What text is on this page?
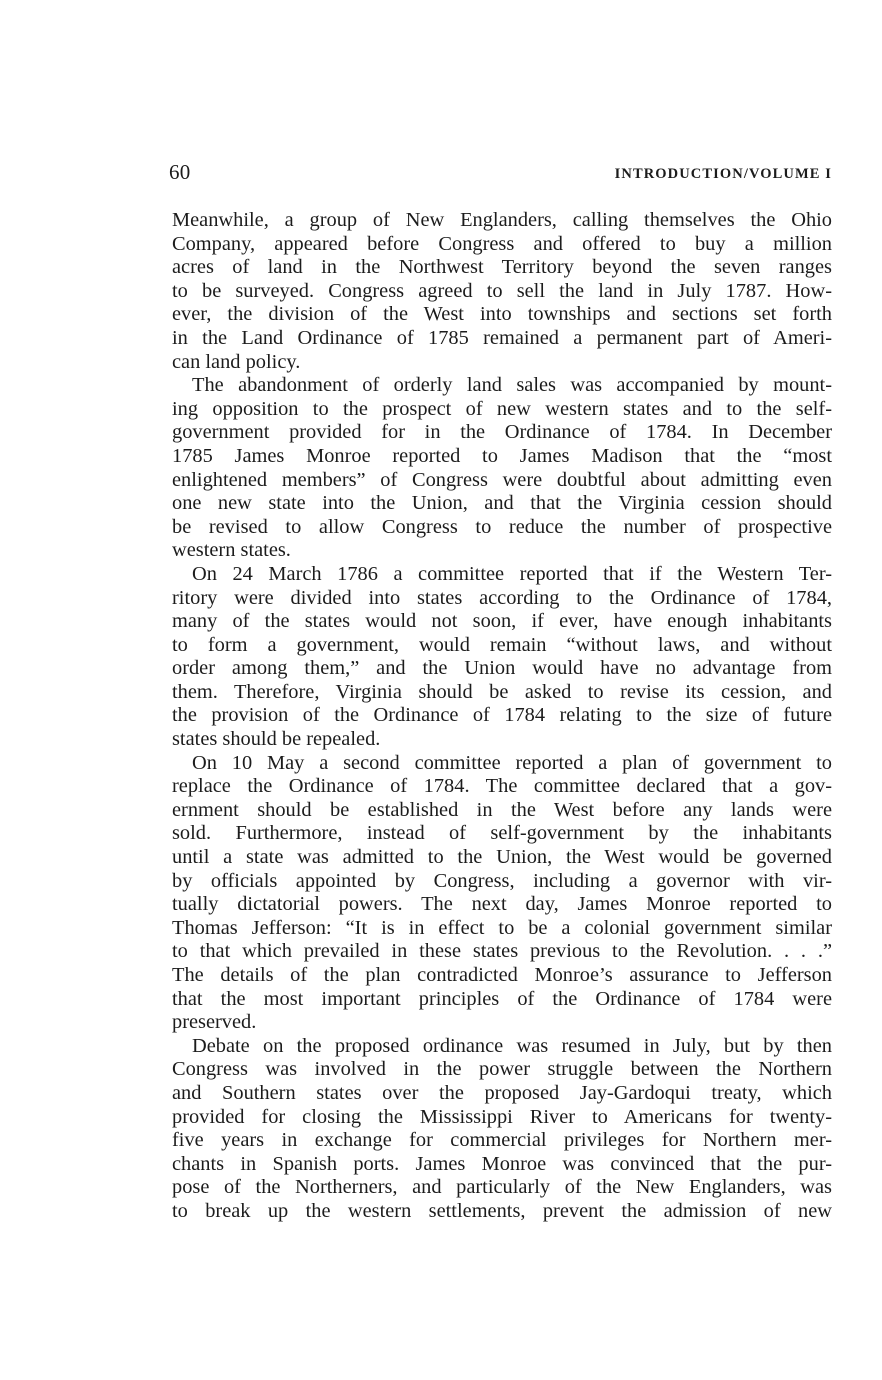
60	INTRODUCTION/VOLUME I
Meanwhile, a group of New Englanders, calling themselves the Ohio
Company, appeared before Congress and offered to buy a million
acres of land in the Northwest Territory beyond the seven ranges
to be surveyed. Congress agreed to sell the land in July 1787. How-
ever, the division of the West into townships and sections set forth
in the Land Ordinance of 1785 remained a permanent part of Ameri-
can land policy.
The abandonment of orderly land sales was accompanied by mount-
ing opposition to the prospect of new western states and to the self-
government provided for in the Ordinance of 1784. In December
1785 James Monroe reported to James Madison that the “most
enlightened members” of Congress were doubtful about admitting even
one new state into the Union, and that the Virginia cession should
be revised to allow Congress to reduce the number of prospective
western states.
On 24 March 1786 a committee reported that if the Western Ter-
ritory were divided into states according to the Ordinance of 1784,
many of the states would not soon, if ever, have enough inhabitants
to form a government, would remain “without laws, and without
order among them,” and the Union would have no advantage from
them. Therefore, Virginia should be asked to revise its cession, and
the provision of the Ordinance of 1784 relating to the size of future
states should be repealed.
On 10 May a second committee reported a plan of government to
replace the Ordinance of 1784. The committee declared that a gov-
ernment should be established in the West before any lands were
sold. Furthermore, instead of self-government by the inhabitants
until a state was admitted to the Union, the West would be governed
by officials appointed by Congress, including a governor with vir-
tually dictatorial powers. The next day, James Monroe reported to
Thomas Jefferson: “It is in effect to be a colonial government similar
to that which prevailed in these states previous to the Revolution. . . .”
The details of the plan contradicted Monroe’s assurance to Jefferson
that the most important principles of the Ordinance of 1784 were
preserved.
Debate on the proposed ordinance was resumed in July, but by then
Congress was involved in the power struggle between the Northern
and Southern states over the proposed Jay-Gardoqui treaty, which
provided for closing the Mississippi River to Americans for twenty-
five years in exchange for commercial privileges for Northern mer-
chants in Spanish ports. James Monroe was convinced that the pur-
pose of the Northerners, and particularly of the New Englanders, was
to break up the western settlements, prevent the admission of new
